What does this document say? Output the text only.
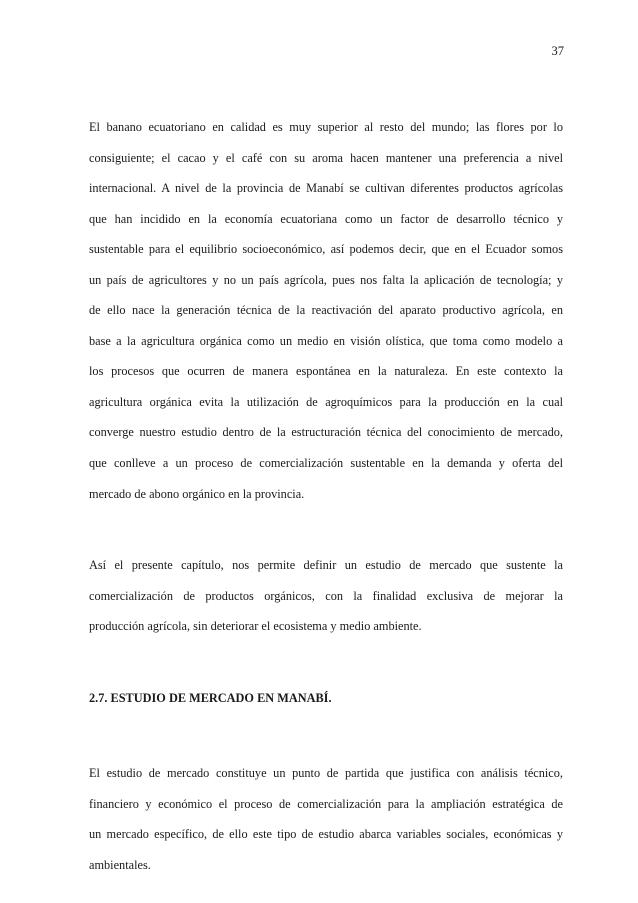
37

El banano ecuatoriano en calidad es muy superior al resto del mundo; las flores por lo
consiguiente; el cacao y el café con su aroma hacen mantener una preferencia a nivel
internacional. A nivel de la provincia de Manabí se cultivan diferentes productos agrícolas
que han incidido en la economía ecuatoriana como un factor de desarrollo técnico y
sustentable para el equilibrio socioeconómico, así podemos decir, que en el Ecuador somos
un país de agricultores y no un país agrícola, pues nos falta la aplicación de tecnología; y
de ello nace la generación técnica de la reactivación del aparato productivo agrícola, en
base a la agricultura orgánica como un medio en visión olística, que toma como modelo a
los procesos que ocurren de manera espontánea en la naturaleza. En este contexto la
agricultura orgánica evita la utilización de agroquímicos para la producción en la cual
converge nuestro estudio dentro de la estructuración técnica del conocimiento de mercado,
que conlleve a un proceso de comercialización sustentable en la demanda y oferta del
mercado de abono orgánico en la provincia.

Así el presente capítulo, nos permite definir un estudio de mercado que sustente la
comercialización de productos orgánicos, con la finalidad exclusiva de mejorar la
producción agrícola, sin deteriorar el ecosistema y medio ambiente.

2.7. ESTUDIO DE MERCADO EN MANABÍ.

El estudio de mercado constituye un punto de partida que justifica con análisis técnico,
financiero y económico el proceso de comercialización para la ampliación estratégica de
un mercado específico, de ello este tipo de estudio abarca variables sociales, económicas y
ambientales.
